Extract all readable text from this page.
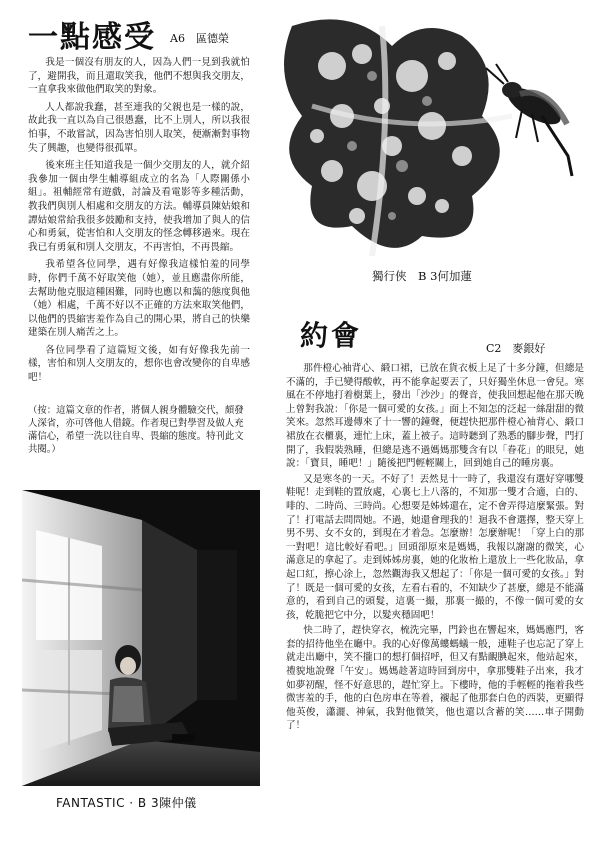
一點感受 A6　區德榮

我是一個沒有朋友的人，因為人們一見到我就怕了，避開我，而且還取笑我，他們不想與我交朋友，一直拿我來做他們取笑的對象。

人人都說我蠢，甚至連我的父親也是一樣的說，故此我一直以為自己很愚蠢，比不上別人，所以我很怕事，不敢嘗試，因為害怕別人取笑，便漸漸對事物失了興趣，也變得很孤單。

後來班主任知道我是一個少交朋友的人，就介紹我參加一個由學生輔導組成立的名為「人際關係小組」。祖輔經常有遊戲，討論及看電影等多種活動，教我們與別人相處和交朋友的方法。輔導員陳姑娘和譚姑娘常給我很多鼓勵和支持，使我增加了與人的信心和勇氣，從害怕和人交朋友的怪念轉移過來。現在我已有勇氣和別人交朋友，不再害怕，不再畏縮。

我希望各位同學，遇有好像我這樣怕羞的同學時，你們千萬不好取笑他（她），並且應盡你所能，去幫助他克服這種困難，同時也應以和藹的態度與他（她）相處，千萬不好以不正確的方法來取笑他們，以他們的畏縮害羞作為自己的開心果，將自己的快樂建築在別人痛苦之上。

各位同學看了這篇短文後，如有好像我先前一樣，害怕和別人交朋友的，想你也會改變你的自卑感吧！

（按：這篇文章的作者，將個人親身體驗交代，頗發人深省，亦可啓他人借鏡。作者現已對學習及做人充滿信心，希望一洗以往自卑、畏縮的態度。特刊此文共閱。）
FANTASTIC · B 3陳仲儀
獨行俠　B 3何加蓮
約會	C2　麥銀好

那件橙心袖背心、緞口裙，已放在貨衣板上足了十多分鐘，但總是不滿的，手已變得酸軟，再不能拿起要丟了，只好獨坐休息一會兒。寒風在不停地打着樹葉上，發出「沙沙」的聲音，使我回想起他在那天晚上曾對我說：「你是一個可愛的女孩。」面上不知怎的泛起一絲甜甜的微笑來。忽然耳邊傳來了十一響的鐘聲，便趕快把那件橙心袖背心、緞口裙放在衣櫃裏，連忙上床，蓋上被子。這時聽到了熟悉的腳步聲，門打開了，我假裝熟睡，但總是逃不過媽媽那雙含有以「眷花」的眼兒，她說：「寶貝，睡吧！」隨後把門輕輕關上，回到她自己的睡房裏。

又是寒冬的一天。不好了！丟然見十一時了，我還沒有選好穿哪雙鞋呢！走到鞋的置放處，心裏七上八落的，不知那一雙才合適，白的、啡的、二時尚、三時尚。心想要是姊姊還在，定不會弄得這麼緊張。對了！打電話去問問她。不過，她還會理我的！迴我不會選擇，整天穿上男不男、女不女的，到現在才着急。怎麼辦！怎麼辦呢！「穿上白的那一對吧！這比較好看吧。」回頭卻原來是媽媽，我報以謝謝的微笑，心滿意足的拿起了。走到姊姊房裏，她的化妝枱上還放上一些化妝品，拿起口紅，擦心涂上，忽然觀海我又想起了：「你是一個可愛的女孩。」對了！既是一個可愛的女孩，左看右看的，不知缺少了甚麼，總是不能滿意的，看到自己的頭髮，這裏一撮，那裏一撮的，不像一個可愛的女孩，乾脆把它中分，以髮夾穩固吧！

快二時了，趕快穿衣，梳洗完畢，門鈴也在響起來，媽媽應門，客套的招待他坐在廳中。我的心好像萬螻螞蟻一般，連鞋子也忘記了穿上就走出廳中，笑不攏口的想打個招呼，但又有點靦腆起來，他站起來，禮貌地說聲「午安」。媽媽趁著這時回到房中，拿那雙鞋子出來，我才如夢初醒，怪不好意思的，趕忙穿上。下樓時，他的手輕輕的拖着我些微害羞的手，他的白色房車在等着，襯起了他那套白色的西裝，更顯得他英俊，瀟灑、神氣，我對他微笑，他也還以含蓄的笑……車子開動了！
